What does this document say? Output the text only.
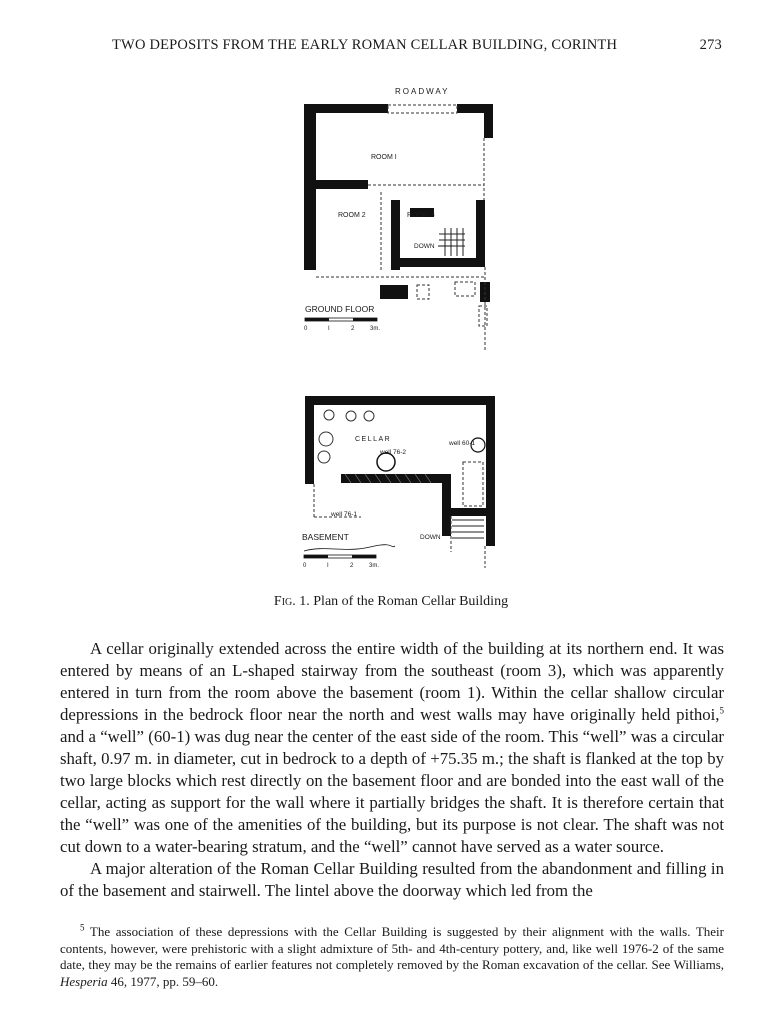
TWO DEPOSITS FROM THE EARLY ROMAN CELLAR BUILDING, CORINTH	273
ROADWAY
ROOM I
ROOM 2	ROOM 3
DOWN
GROUND FLOOR
0	I	2	3m.
CELLAR
well 76-2
well 60-1
well 76-1
DOWN
BASEMENT
0	I	2	3m.
Fig. 1. Plan of the Roman Cellar Building

A cellar originally extended across the entire width of the building at its northern end. It was entered by means of an L-shaped stairway from the southeast (room 3), which was apparently entered in turn from the room above the basement (room 1). Within the cellar shallow circular depressions in the bedrock floor near the north and west walls may have originally held pithoi,$^5$ and a “well” (60-1) was dug near the center of the east side of the room. This “well” was a circular shaft, 0.97 m. in diameter, cut in bedrock to a depth of +75.35 m.; the shaft is flanked at the top by two large blocks which rest directly on the basement floor and are bonded into the east wall of the cellar, acting as support for the wall where it partially bridges the shaft. It is therefore certain that the “well” was one of the amenities of the building, but its purpose is not clear. The shaft was not cut down to a water-bearing stratum, and the “well” cannot have served as a water source.

A major alteration of the Roman Cellar Building resulted from the abandonment and filling in of the basement and stairwell. The lintel above the doorway which led from the

$^5$ The association of these depressions with the Cellar Building is suggested by their alignment with the walls. Their contents, however, were prehistoric with a slight admixture of 5th- and 4th-century pottery, and, like well 1976-2 of the same date, they may be the remains of earlier features not completely removed by the Roman excavation of the cellar. See Williams, Hesperia 46, 1977, pp. 59–60.
